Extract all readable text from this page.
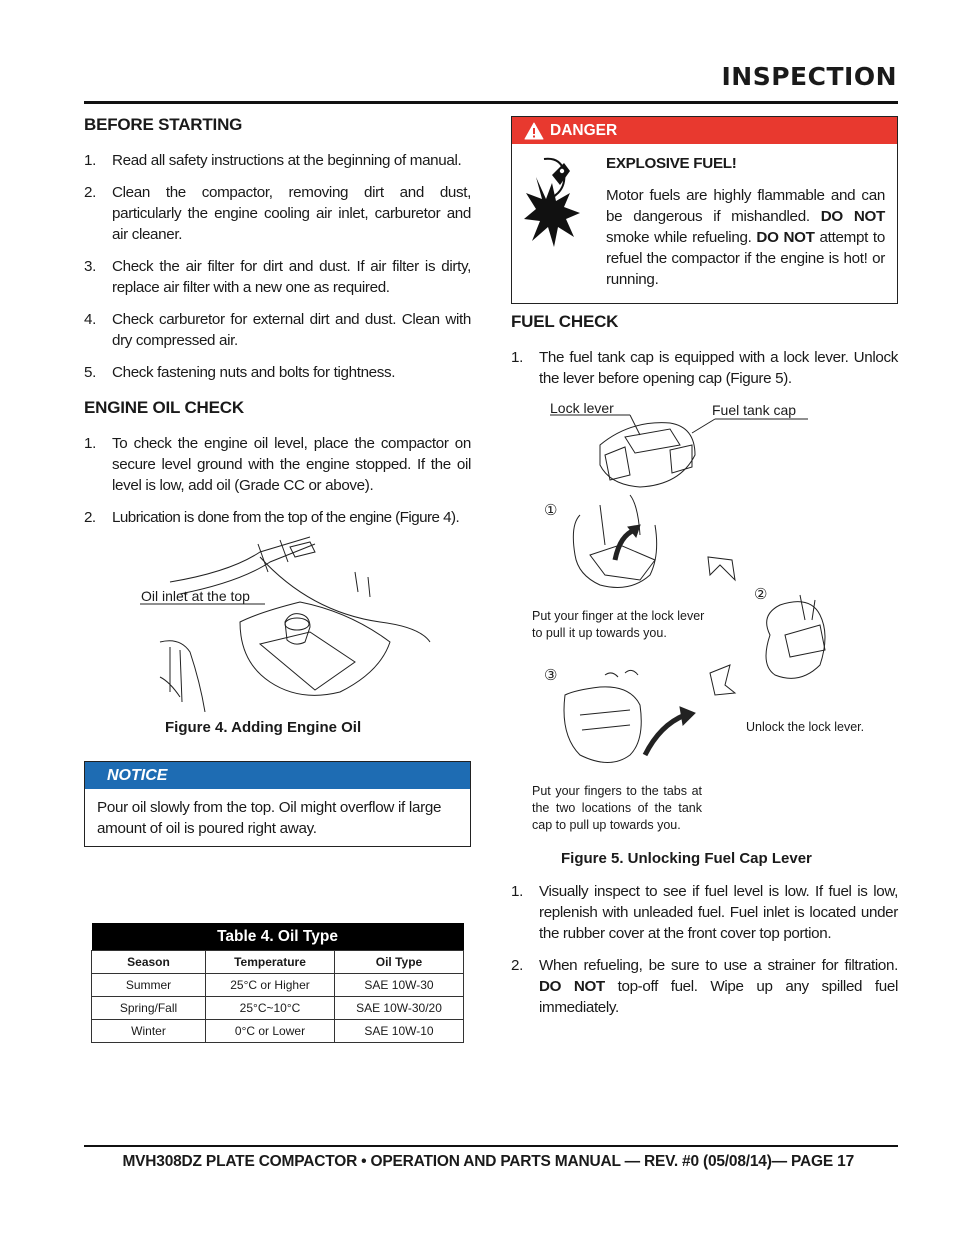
INSPECTION
BEFORE STARTING
1. Read all safety instructions at the beginning of manual.
2. Clean the compactor, removing dirt and dust, particularly the engine cooling air inlet, carburetor and air cleaner.
3. Check the air filter for dirt and dust. If air filter is dirty, replace air filter with a new one as required.
4. Check carburetor for external dirt and dust. Clean with dry compressed air.
5. Check fastening nuts and bolts for tightness.
ENGINE OIL CHECK
1. To check the engine oil level, place the compactor on secure level ground with the engine stopped. If the oil level is low, add oil (Grade CC or above).
2. Lubrication is done from the top of the engine (Figure 4).
Oil inlet at the top
Figure 4. Adding Engine Oil
NOTICE
Pour oil slowly from the top. Oil might overflow if large amount of oil is poured right away.
Table 4. Oil Type		
Season	Temperature	Oil Type
Summer	25°C or Higher	SAE 10W-30
Spring/Fall	25°C~10°C	SAE 10W-30/20
Winter	0°C or Lower	SAE 10W-10
DANGER
EXPLOSIVE FUEL!
Motor fuels are highly flammable and can be dangerous if mishandled. DO NOT smoke while refueling. DO NOT attempt to refuel the compactor if the engine is hot! or running.
FUEL CHECK
1. The fuel tank cap is equipped with a lock lever. Unlock the lever before opening cap (Figure 5).
①
②
③
Lock lever	Fuel tank cap
Put your finger at the lock lever to pull it up towards you.
Unlock the lock lever.
Put your fingers to the tabs at the two locations of the tank cap to pull up towards you.
Figure 5. Unlocking Fuel Cap Lever
1. Visually inspect to see if fuel level is low. If fuel is low, replenish with unleaded fuel. Fuel inlet is located under the rubber cover at the front cover top portion.
2. When refueling, be sure to use a strainer for filtration. DO NOT top-off fuel. Wipe up any spilled fuel immediately.
MVH308DZ PLATE COMPACTOR • OPERATION AND PARTS MANUAL — REV. #0 (05/08/14)— PAGE 17
